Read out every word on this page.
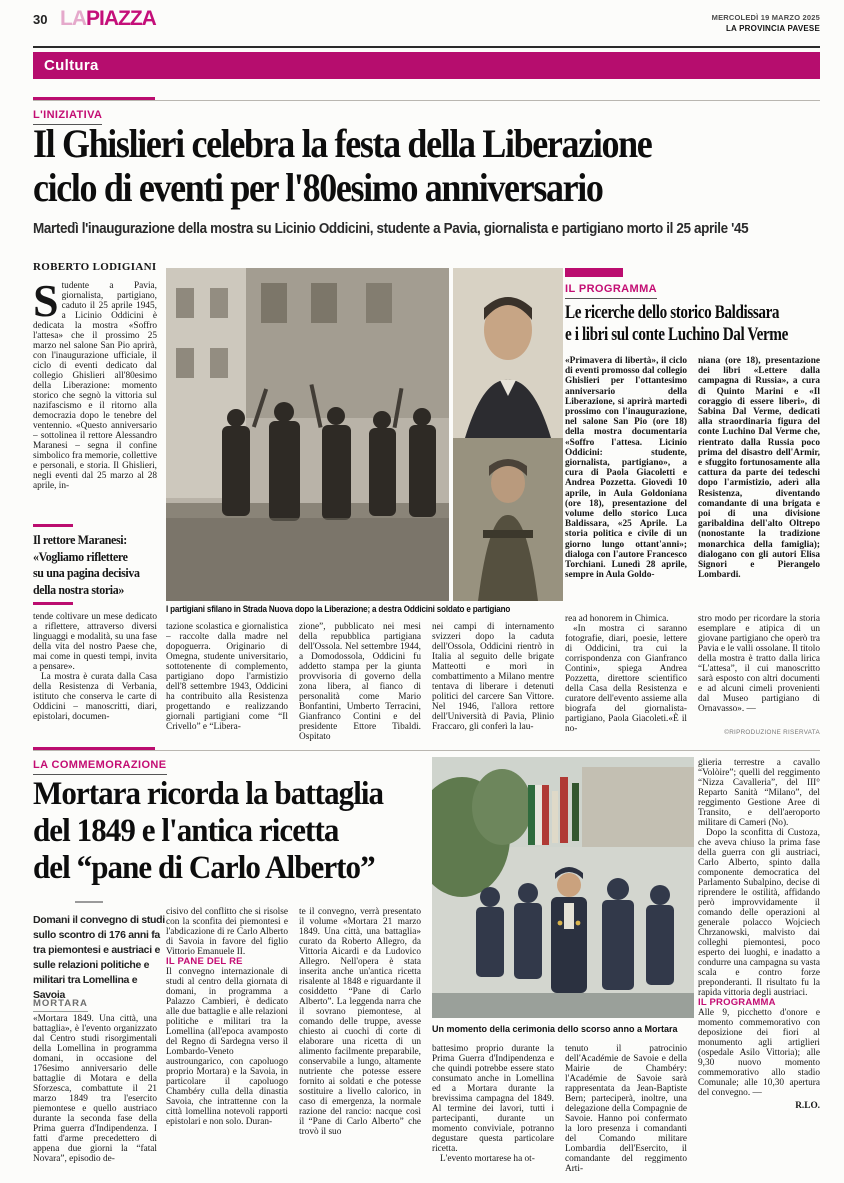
30 LAPIAZZA	MERCOLEDÌ 19 MARZO 2025
LA PROVINCIA PAVESE
Cultura
L'INIZIATIVA
Il Ghislieri celebra la festa della Liberazione
ciclo di eventi per l'80esimo anniversario
Martedì l'inaugurazione della mostra su Licinio Oddicini, studente a Pavia, giornalista e partigiano morto il 25 aprile '45
ROBERTO LODIGIANI

Studente a Pavia, giornalista, partigiano, caduto il 25 aprile 1945, a Licinio Oddicini è dedicata la mostra «Soffro l'attesa» che il prossimo 25 marzo nel salone San Pio aprirà, con l'inaugurazione ufficiale, il ciclo di eventi dedicato dal collegio Ghislieri all'80esimo della Liberazione: momento storico che segnò la vittoria sul nazifascismo e il ritorno alla democrazia dopo le tenebre del ventennio. «Questo anniversario – sottolinea il rettore Alessandro Maranesi – segna il confine simbolico fra memorie, collettive e personali, e storia. Il Ghislieri, negli eventi dal 25 marzo al 28 aprile, in-

Il rettore Maranesi:
«Vogliamo riflettere
su una pagina decisiva
della nostra storia»

tende coltivare un mese dedicato a riflettere, attraverso diversi linguaggi e modalità, su una fase della vita del nostro Paese che, mai come in questi tempi, invita a pensare».

La mostra è curata dalla Casa della Resistenza di Verbania, istituto che conserva le carte di Oddicini – manoscritti, diari, epistolari, documen-

I partigiani sfilano in Strada Nuova dopo la Liberazione; a destra Oddicini soldato e partigiano

tazione scolastica e giornalistica – raccolte dalla madre nel dopoguerra. Originario di Omegna, studente universitario, sottotenente di complemento, partigiano dopo l'armistizio dell'8 settembre 1943, Oddicini ha contribuito alla Resistenza progettando e realizzando giornali partigiani come “Il Crivello” e “Libera-

zione”, pubblicato nei mesi della repubblica partigiana dell'Ossola. Nel settembre 1944, a Domodossola, Oddicini fu addetto stampa per la giunta provvisoria di governo della zona libera, al fianco di personalità come Mario Bonfantini, Umberto Terracini, Gianfranco Contini e del presidente Ettore Tibaldi. Ospitato

nei campi di internamento svizzeri dopo la caduta dell'Ossola, Oddicini rientrò in Italia al seguito delle brigate Matteotti e morì in combattimento a Milano mentre tentava di liberare i detenuti politici del carcere San Vittore. Nel 1946, l'allora rettore dell'Università di Pavia, Plinio Fraccaro, gli conferì la lau-

IL PROGRAMMA
Le ricerche dello storico Baldissara
e i libri sul conte Luchino Dal Verme

«Primavera di libertà», il ciclo di eventi promosso dal collegio Ghislieri per l'ottantesimo anniversario della Liberazione, si aprirà martedì prossimo con l'inaugurazione, nel salone San Pio (ore 18) della mostra documentaria «Soffro l'attesa. Licinio Oddicini: studente, giornalista, partigiano», a cura di Paola Giacoletti e Andrea Pozzetta. Giovedì 10 aprile, in Aula Goldoniana (ore 18), presentazione del volume dello storico Luca Baldissara, «25 Aprile. La storia politica e civile di un giorno lungo ottant'anni»; dialoga con l'autore Francesco Torchiani. Lunedì 28 aprile, sempre in Aula Goldo-

niana (ore 18), presentazione dei libri «Lettere dalla campagna di Russia», a cura di Quinto Marini e «Il coraggio di essere liberi», di Sabina Dal Verme, dedicati alla straordinaria figura del conte Luchino Dal Verme che, rientrato dalla Russia poco prima del disastro dell'Armir, e sfuggito fortunosamente alla cattura da parte dei tedeschi dopo l'armistizio, aderì alla Resistenza, diventando comandante di una brigata e poi di una divisione garibaldina dell'alto Oltrepo (nonostante la tradizione monarchica della famiglia); dialogano con gli autori Elisa Signori e Pierangelo Lombardi.

rea ad honorem in Chimica.

«In mostra ci saranno fotografie, diari, poesie, lettere di Oddicini, tra cui la corrispondenza con Gianfranco Contini», spiega Andrea Pozzetta, direttore scientifico della Casa della Resistenza e curatore dell'evento assieme alla biografa del giornalista-partigiano, Paola Giacoleti.«È il no-

stro modo per ricordare la storia esemplare e atipica di un giovane partigiano che operò tra Pavia e le valli ossolane. Il titolo della mostra è tratto dalla lirica “L'attesa”, il cui manoscritto sarà esposto con altri documenti e ad alcuni cimeli provenienti dal Museo partigiano di Ornavasso». —

©RIPRODUZIONE RISERVATA
LA COMMEMORAZIONE
Mortara ricorda la battaglia
del 1849 e l'antica ricetta
del “pane di Carlo Alberto”
Domani il convegno di studi sullo scontro di 176 anni fa tra piemontesi e austriaci e sulle relazioni politiche e militari tra Lomellina e Savoia
MORTARA

«Mortara 1849. Una città, una battaglia», è l'evento organizzato dal Centro studi risorgimentali della Lomellina in programma domani, in occasione del 176esimo anniversario delle battaglie di Motara e della Sforzesca, combattute il 21 marzo 1849 tra l'esercito piemontese e quello austriaco durante la seconda fase della Prima guerra d'Indipendenza. I fatti d'arme precedettero di appena due giorni la “fatal Novara”, episodio de-

cisivo del conflitto che si risolse con la sconfita dei piemontesi e l'abdicazione di re Carlo Alberto di Savoia in favore del figlio Vittorio Emanuele II.

IL PANE DEL RE

Il convegno internazionale di studi al centro della giornata di domani, in programma a Palazzo Cambieri, è dedicato alle due battaglie e alle relazioni politiche e militari tra la Lomellina (all'epoca avamposto del Regno di Sardegna verso il Lombardo-Veneto austroungarico, con capoluogo proprio Mortara) e la Savoia, in particolare il capoluogo Chambéry culla della dinastia Savoia, che intrattenne con la città lomellina notevoli rapporti epistolari e non solo. Duran-

te il convegno, verrà presentato il volume «Mortara 21 marzo 1849. Una città, una battaglia» curato da Roberto Allegro, da Vittoria Aicardi e da Ludovico Allegro. Nell'opera è stata inserita anche un'antica ricetta risalente al 1848 e riguardante il cosiddetto “Pane di Carlo Alberto”. La leggenda narra che il sovrano piemontese, al comando delle truppe, avesse chiesto ai cuochi di corte di elaborare una ricetta di un alimento facilmente preparabile, conservabile a lungo, altamente nutriente che potesse essere fornito ai soldati e che potesse sostituire a livello calorico, in caso di emergenza, la normale razione del rancio: nacque così il “Pane di Carlo Alberto” che trovò il suo

Un momento della cerimonia dello scorso anno a Mortara

battesimo proprio durante la Prima Guerra d'Indipendenza e che quindi potrebbe essere stato consumato anche in Lomellina ed a Mortara durante la brevissima campagna del 1849. Al termine dei lavori, tutti i partecipanti, durante un momento conviviale, potranno degustare questa particolare ricetta.

L'evento mortarese ha ot-

tenuto il patrocinio dell'Académie de Savoie e della Mairie de Chambéry: l'Académie de Savoie sarà rappresentata da Jean-Baptiste Bern; parteciperà, inoltre, una delegazione della Compagnie de Savoie. Hanno poi confermato la loro presenza i comandanti del Comando militare Lombardia dell'Esercito, il comandante del reggimento Arti-

glieria terrestre a cavallo “Volòire”; quelli del reggimento “Nizza Cavalleria”, del III° Reparto Sanità “Milano”, del reggimento Gestione Aree di Transito, e dell'aeroporto militare di Cameri (No).

Dopo la sconfitta di Custoza, che aveva chiuso la prima fase della guerra con gli austriaci, Carlo Alberto, spinto dalla componente democratica del Parlamento Subalpino, decise di riprendere le ostilità, affidando però improvvidamente il comando delle operazioni al generale polacco Wojciech Chrzanowski, malvisto dai colleghi piemontesi, poco esperto dei luoghi, e inadatto a condurre una campagna su vasta scala e contro forze preponderanti. Il risultato fu la rapida vittoria degli austriaci.

IL PROGRAMMA

Alle 9, picchetto d'onore e momento commemorativo con deposizione dei fiori al monumento agli artiglieri (ospedale Asilo Vittoria); alle 9,30 nuovo momento commemorativo allo stadio Comunale; alle 10,30 apertura del convegno. —

R.LO.
